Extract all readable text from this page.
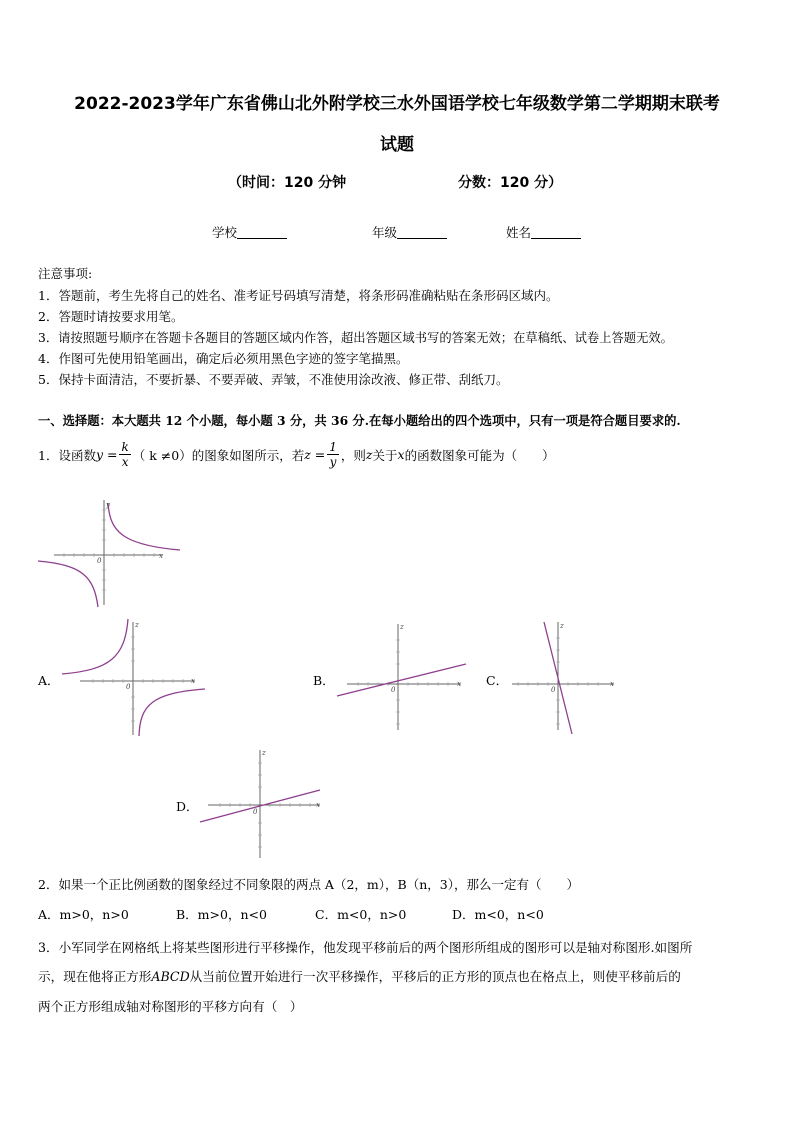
2022-2023学年广东省佛山北外附学校三水外国语学校七年级数学第二学期期末联考
试题
（时间：120 分钟	分数：120 分）
学校	年级	姓名
注意事项:
1．答题前，考生先将自己的姓名、准考证号码填写清楚，将条形码准确粘贴在条形码区域内。
2．答题时请按要求用笔。
3．请按照题号顺序在答题卡各题目的答题区域内作答，超出答题区域书写的答案无效；在草稿纸、试卷上答题无效。
4．作图可先使用铅笔画出，确定后必须用黑色字迹的签字笔描黑。
5．保持卡面清洁，不要折暴、不要弄破、弄皱，不准使用涂改液、修正带、刮纸刀。
一、选择题：本大题共 12 个小题，每小题 3 分，共 36 分.在每小题给出的四个选项中，只有一项是符合题目要求的.
1．设函数 $y = \frac{k}{x}$ （ k ≠0）的图象如图所示，若 $z = \frac{1}{y}$ ，则 z 关于 x 的函数图象可能为（　　）
x
y
0
A．	x
z
0	B．	x
z
0
C．	x
z
0
D．	x
z
0
2．如果一个正比例函数的图象经过不同象限的两点 A（2，m），B（n，3），那么一定有（　　）
A．m>0，n>0	B．m>0，n<0	C．m<0，n>0	D．m<0，n<0
3．小军同学在网格纸上将某些图形进行平移操作，他发现平移前后的两个图形所组成的图形可以是轴对称图形.如图所
示，现在他将正方形ABCD从当前位置开始进行一次平移操作，平移后的正方形的顶点也在格点上，则使平移前后的
两个正方形组成轴对称图形的平移方向有（　）
